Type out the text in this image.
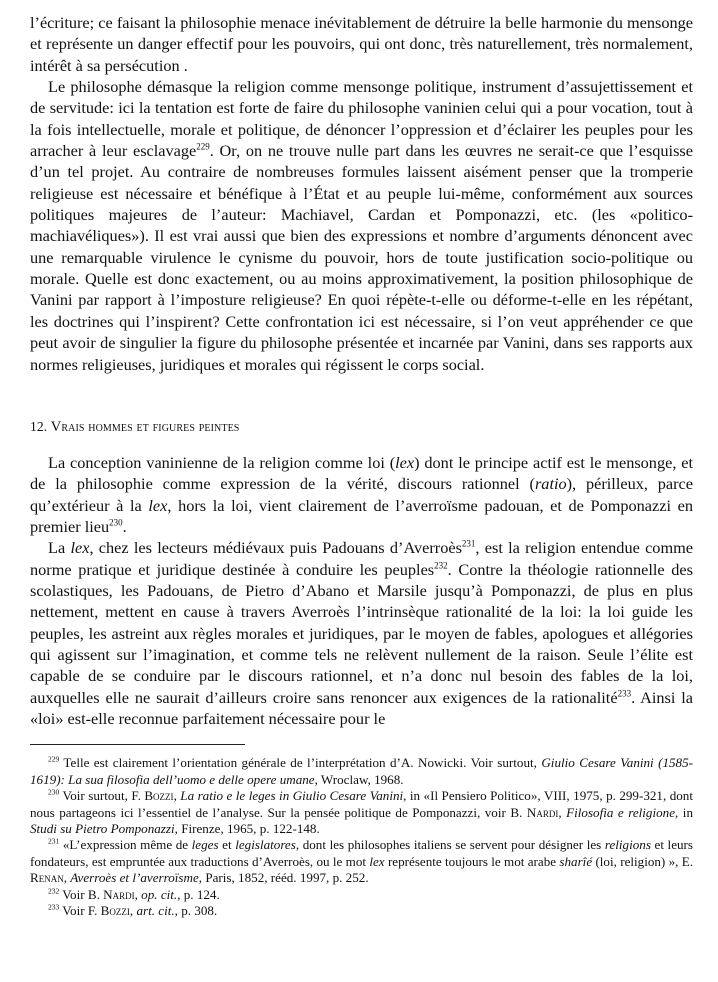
l’écriture; ce faisant la philosophie menace inévitablement de détruire la belle harmonie du mensonge et représente un danger effectif pour les pouvoirs, qui ont donc, très naturellement, très normalement, intérêt à sa persécution .

Le philosophe démasque la religion comme mensonge politique, instrument d’assujettissement et de servitude: ici la tentation est forte de faire du philosophe vaninien celui qui a pour vocation, tout à la fois intellectuelle, morale et politique, de dénoncer l’oppression et d’éclairer les peuples pour les arracher à leur esclavage$^{229}$. Or, on ne trouve nulle part dans les œuvres ne serait-ce que l’esquisse d’un tel projet. Au contraire de nombreuses formules laissent aisément penser que la tromperie religieuse est nécessaire et bénéfique à l’État et au peuple lui-même, conformément aux sources politiques majeures de l’auteur: Machiavel, Cardan et Pomponazzi, etc. (les «politico-machiavéliques»). Il est vrai aussi que bien des expressions et nombre d’arguments dénoncent avec une remarquable virulence le cynisme du pouvoir, hors de toute justification socio-politique ou morale. Quelle est donc exactement, ou au moins approximativement, la position philosophique de Vanini par rapport à l’imposture religieuse? En quoi répète-t-elle ou déforme-t-elle en les répétant, les doctrines qui l’inspirent? Cette confrontation ici est nécessaire, si l’on veut appréhender ce que peut avoir de singulier la figure du philosophe présentée et incarnée par Vanini, dans ses rapports aux normes religieuses, juridiques et morales qui régissent le corps social.

12. Vrais hommes et figures peintes

La conception vaninienne de la religion comme loi (lex) dont le principe actif est le mensonge, et de la philosophie comme expression de la vérité, discours rationnel (ratio), périlleux, parce qu’extérieur à la lex, hors la loi, vient clairement de l’averroïsme padouan, et de Pomponazzi en premier lieu$^{230}$.

La lex, chez les lecteurs médiévaux puis Padouans d’Averroès$^{231}$, est la religion entendue comme norme pratique et juridique destinée à conduire les peuples$^{232}$. Contre la théologie rationnelle des scolastiques, les Padouans, de Pietro d’Abano et Marsile jusqu’à Pomponazzi, de plus en plus nettement, mettent en cause à travers Averroès l’intrinsèque rationalité de la loi: la loi guide les peuples, les astreint aux règles morales et juridiques, par le moyen de fables, apologues et allégories qui agissent sur l’imagination, et comme tels ne relèvent nullement de la raison. Seule l’élite est capable de se conduire par le discours rationnel, et n’a donc nul besoin des fables de la loi, auxquelles elle ne saurait d’ailleurs croire sans renoncer aux exigences de la rationalité$^{233}$. Ainsi la «loi» est-elle reconnue parfaitement nécessaire pour le

$^{229}$ Telle est clairement l’orientation générale de l’interprétation d’A. Nowicki. Voir surtout, Giulio Cesare Vanini (1585-1619): La sua filosofia dell’uomo e delle opere umane, Wroclaw, 1968.

$^{230}$ Voir surtout, F. Bozzi, La ratio e le leges in Giulio Cesare Vanini, in «Il Pensiero Politico», VIII, 1975, p. 299-321, dont nous partageons ici l’essentiel de l’analyse. Sur la pensée politique de Pomponazzi, voir B. Nardi, Filosofia e religione, in Studi su Pietro Pomponazzi, Firenze, 1965, p. 122-148.

$^{231}$ «L’expression même de leges et legislatores, dont les philosophes italiens se servent pour désigner les religions et leurs fondateurs, est empruntée aux traductions d’Averroès, ou le mot lex représente toujours le mot arabe sharîé (loi, religion) », E. Renan, Averroès et l’averroïsme, Paris, 1852, rééd. 1997, p. 252.

$^{232}$ Voir B. Nardi, op. cit., p. 124.

$^{233}$ Voir F. Bozzi, art. cit., p. 308.
